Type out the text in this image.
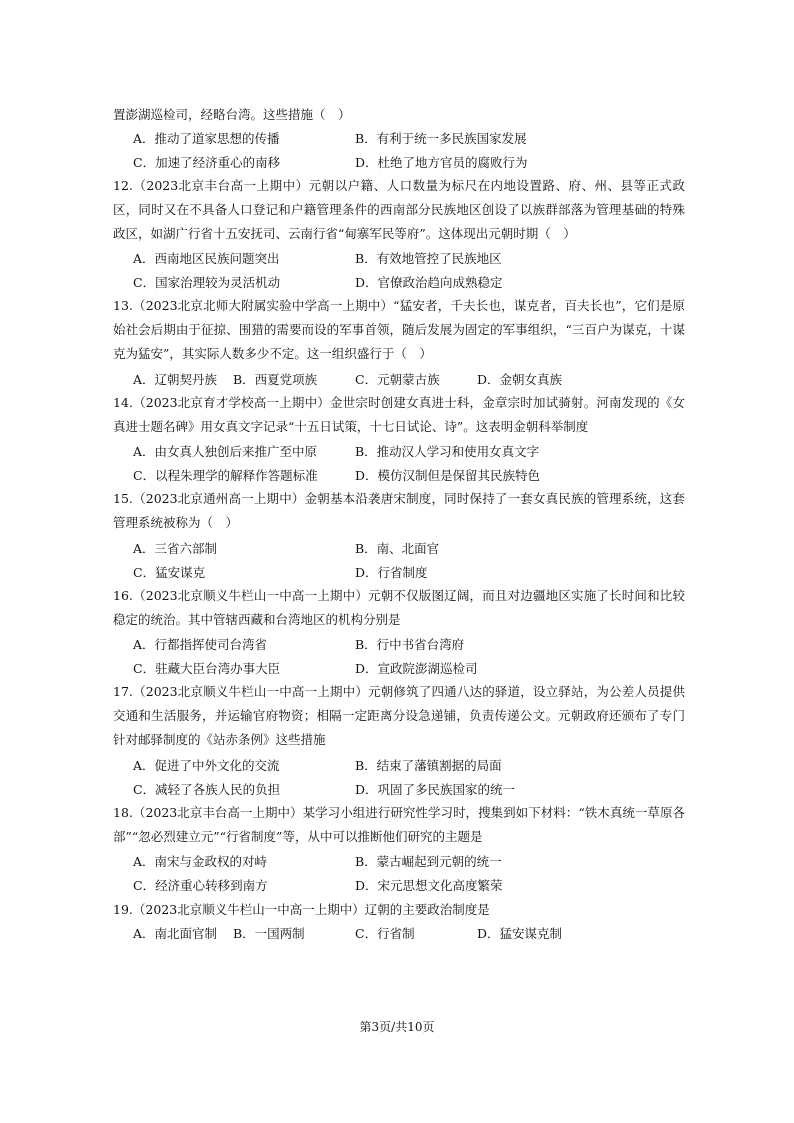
置澎湖巡检司，经略台湾。这些措施（　）

A．推动了道家思想的传播	B．有利于统一多民族国家发展
C．加速了经济重心的南移	D．杜绝了地方官员的腐败行为

12.（2023北京丰台高一上期中）元朝以户籍、人口数量为标尺在内地设置路、府、州、县等正式政区，同时又在不具备人口登记和户籍管理条件的西南部分民族地区创设了以族群部落为管理基础的特殊政区，如湖广行省十五安抚司、云南行省“甸寨军民等府”。这体现出元朝时期（　）

A．西南地区民族问题突出	B．有效地管控了民族地区
C．国家治理较为灵活机动	D．官僚政治趋向成熟稳定

13.（2023北京北师大附属实验中学高一上期中）“猛安者，千夫长也，谋克者，百夫长也”，它们是原始社会后期由于征掠、围猎的需要而设的军事首领，随后发展为固定的军事组织，“三百户为谋克，十谋克为猛安”，其实际人数多少不定。这一组织盛行于（　）

A．辽朝契丹族 B．西夏党项族	C．元朝蒙古族	D．金朝女真族

14.（2023北京育才学校高一上期中）金世宗时创建女真进士科，金章宗时加试骑射。河南发现的《女真进士题名碑》用女真文字记录“十五日试策，十七日试论、诗”。这表明金朝科举制度

A．由女真人独创后来推广至中原	B．推动汉人学习和使用女真文字
C．以程朱理学的解释作答题标准	D．模仿汉制但是保留其民族特色

15.（2023北京通州高一上期中）金朝基本沿袭唐宋制度，同时保持了一套女真民族的管理系统，这套管理系统被称为（　）

A．三省六部制	B．南、北面官
C．猛安谋克	D．行省制度

16.（2023北京顺义牛栏山一中高一上期中）元朝不仅版图辽阔，而且对边疆地区实施了长时间和比较稳定的统治。其中管辖西藏和台湾地区的机构分别是

A．行都指挥使司台湾省	B．行中书省台湾府
C．驻藏大臣台湾办事大臣	D．宣政院澎湖巡检司

17.（2023北京顺义牛栏山一中高一上期中）元朝修筑了四通八达的驿道，设立驿站，为公差人员提供交通和生活服务，并运输官府物资；相隔一定距离分设急递铺，负责传递公文。元朝政府还颁布了专门针对邮驿制度的《站赤条例》这些措施

A．促进了中外文化的交流	B．结束了藩镇割据的局面
C．减轻了各族人民的负担	D．巩固了多民族国家的统一

18.（2023北京丰台高一上期中）某学习小组进行研究性学习时，搜集到如下材料：“铁木真统一草原各部”“忽必烈建立元”“行省制度”等，从中可以推断他们研究的主题是

A．南宋与金政权的对峙	B．蒙古崛起到元朝的统一
C．经济重心转移到南方	D．宋元思想文化高度繁荣

19.（2023北京顺义牛栏山一中高一上期中）辽朝的主要政治制度是

A．南北面官制 B．一国两制	C．行省制	D．猛安谋克制
第3页/共10页
